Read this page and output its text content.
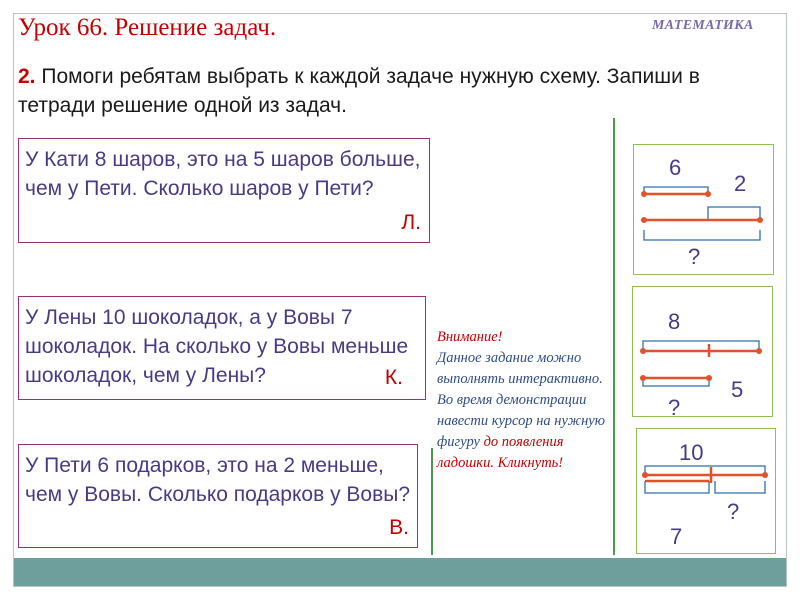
Урок 66. Решение задач.	МАТЕМАТИКА
2. Помоги ребятам выбрать к каждой задаче нужную схему. Запиши в тетради решение одной из задач.
У Кати 8 шаров, это на 5 шаров больше, чем у Пети. Сколько шаров у Пети?
Л.
У Лены 10 шоколадок, а у Вовы 7 шоколадок. На сколько у Вовы меньше шоколадок, чем у Лены?	К.
У Пети 6 подарков, это на 2 меньше, чем у Вовы. Сколько подарков у Вовы?
В.
Внимание!
Данное задание можно выполнять интерактивно. Во время демонстрации навести курсор на нужную фигуру до появления ладошки. Кликнуть!
6
2
?
8
?
5
10
?
7
